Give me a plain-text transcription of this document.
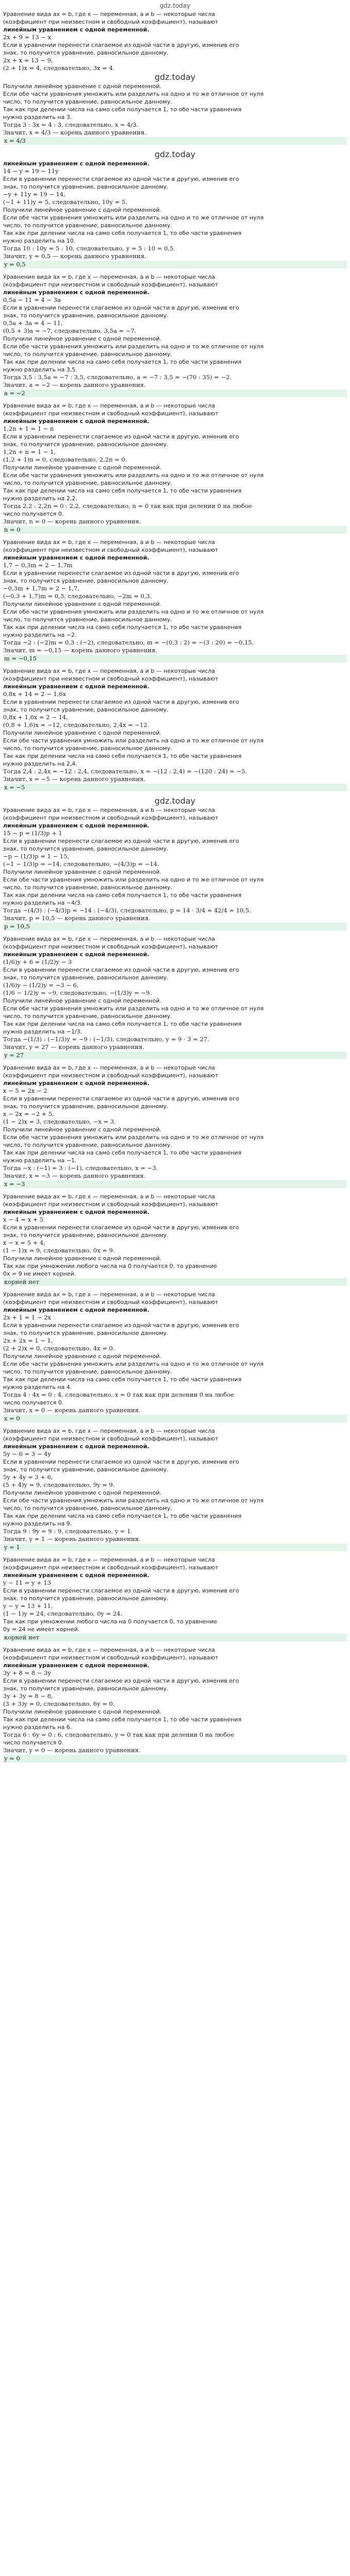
gdz.today
Уравнение вида ax = b, где x — переменная, a и b — некоторые числа
(коэффициент при неизвестном и свободный коэффициент), называют
линейным уравнением с одной переменной.
2x + 9 = 13 − x
Если в уравнении перенести слагаемое из одной части в другую, изменив его
знак, то получится уравнение, равносильное данному.
2x + x = 13 − 9,
(2 + 1)x = 4, следовательно, 3x = 4.
gdz.today
Получили линейное уравнение с одной переменной.
Если обе части уравнения умножить или разделить на одно и то же отличное от нуля
число, то получится уравнение, равносильное данному.
Так как при делении числа на само себя получается 1, то обе части уравнения
нужно разделить на 3.
Тогда 3 : 3x = 4 : 3, следовательно, x = 4/3.
Значит, x = 4/3 — корень данного уравнения.
x = 4/3
gdz.today
линейным уравнением с одной переменной.
14 − y = 19 − 11y
Если в уравнении перенести слагаемое из одной части в другую, изменив его
знак, то получится уравнение, равносильное данному.
−y + 11y = 19 − 14,
(−1 + 11)y = 5, следовательно, 10y = 5.
Получили линейное уравнение с одной переменной.
Если обе части уравнения умножить или разделить на одно и то же отличное от нуля
число, то получится уравнение, равносильное данному.
Так как при делении числа на само себя получается 1, то обе части уравнения
нужно разделить на 10.
Тогда 10 : 10y = 5 : 10, следовательно, y = 5 : 10 = 0,5.
Значит, y = 0,5 — корень данного уравнения.
y = 0,5
Уравнение вида ax = b, где x — переменная, a и b — некоторые числа
(коэффициент при неизвестном и свободный коэффициент), называют
линейным уравнением с одной переменной.
0,5a − 11 = 4 − 3a
Если в уравнении перенести слагаемое из одной части в другую, изменив его
знак, то получится уравнение, равносильное данному.
0,5a + 3a = 4 − 11,
(0,5 + 3)a = −7, следовательно, 3,5a = −7.
Получили линейное уравнение с одной переменной.
Если обе части уравнения умножить или разделить на одно и то же отличное от нуля
число, то получится уравнение, равносильное данному.
Так как при делении числа на само себя получается 1, то обе части уравнения
нужно разделить на 3,5.
Тогда 3,5 : 3,5a = −7 : 3,5, следовательно, a = −7 : 3,5 = −(70 : 35) = −2.
Значит, a = −2 — корень данного уравнения.
a = −2
Уравнение вида ax = b, где x — переменная, a и b — некоторые числа
(коэффициент при неизвестном и свободный коэффициент), называют
линейным уравнением с одной переменной.
1,2n + 1 = 1 − n
Если в уравнении перенести слагаемое из одной части в другую, изменив его
знак, то получится уравнение, равносильное данному.
1,2n + n = 1 − 1,
(1,2 + 1)n = 0, следовательно, 2,2n = 0.
Получили линейное уравнение с одной переменной.
Если обе части уравнения умножить или разделить на одно и то же отличное от нуля
число, то получится уравнение, равносильное данному.
Так как при делении числа на само себя получается 1, то обе части уравнения
нужно разделить на 2,2.
Тогда 2,2 : 2,2n = 0 : 2,2, следовательно, n = 0 так как при делении 0 на любое
число получается 0.
Значит, n = 0 — корень данного уравнения.
n = 0
Уравнение вида ax = b, где x — переменная, a и b — некоторые числа
(коэффициент при неизвестном и свободный коэффициент), называют
линейным уравнением с одной переменной.
1,7 − 0,3m = 2 − 1,7m
Если в уравнении перенести слагаемое из одной части в другую, изменив его
знак, то получится уравнение, равносильное данному.
−0,3m + 1,7m = 2 − 1,7,
(−0,3 + 1,7)m = 0,3, следовательно, −2m = 0,3.
Получили линейное уравнение с одной переменной.
Если обе части уравнения умножить или разделить на одно и то же отличное от нуля
число, то получится уравнение, равносильное данному.
Так как при делении числа на само себя получается 1, то обе части уравнения
нужно разделить на −2.
Тогда −2 : (−2)m = 0,3 : (−2), следовательно, m = −(0,3 : 2) = −(3 : 20) = −0,15.
Значит, m = −0,15 — корень данного уравнения.
m = −0,15
Уравнение вида ax = b, где x — переменная, a и b — некоторые числа
(коэффициент при неизвестном и свободный коэффициент), называют
линейным уравнением с одной переменной.
0,8x + 14 = 2 − 1,6x
Если в уравнении перенести слагаемое из одной части в другую, изменив его
знак, то получится уравнение, равносильное данному.
0,8x + 1,6x = 2 − 14,
(0,8 + 1,6)x = −12, следовательно, 2,4x = −12.
Получили линейное уравнение с одной переменной.
Если обе части уравнения умножить или разделить на одно и то же отличное от нуля
число, то получится уравнение, равносильное данному.
Так как при делении числа на само себя получается 1, то обе части уравнения
нужно разделить на 2,4.
Тогда 2,4 : 2,4x = −12 : 2,4, следовательно, x = −(12 : 2,4) = −(120 : 24) = −5.
Значит, x = −5 — корень данного уравнения.
x = −5
gdz.today
Уравнение вида ax = b, где x — переменная, a и b — некоторые числа
(коэффициент при неизвестном и свободный коэффициент), называют
линейным уравнением с одной переменной.
15 − p = (1/3)p + 1
Если в уравнении перенести слагаемое из одной части в другую, изменив его
знак, то получится уравнение, равносильное данному.
−p − (1/3)p = 1 − 15,
(−1 − 1/3)p = −14, следовательно, −(4/3)p = −14.
Получили линейное уравнение с одной переменной.
Если обе части уравнения умножить или разделить на одно и то же отличное от нуля
число, то получится уравнение, равносильное данному.
Так как при делении числа на само себя получается 1, то обе части уравнения
нужно разделить на −4/3.
Тогда −(4/3) : (−4/3)p = −14 : (−4/3), следовательно, p = 14 · 3/4 = 42/4 = 10,5.
Значит, p = 10,5 — корень данного уравнения.
p = 10,5
Уравнение вида ax = b, где x — переменная, a и b — некоторые числа
(коэффициент при неизвестном и свободный коэффициент), называют
линейным уравнением с одной переменной.
(1/6)y + 6 = (1/2)y − 3
Если в уравнении перенести слагаемое из одной части в другую, изменив его
знак, то получится уравнение, равносильное данному.
(1/6)y − (1/2)y = −3 − 6,
(1/6 − 1/2)y = −9, следовательно, −(1/3)y = −9.
Получили линейное уравнение с одной переменной.
Если обе части уравнения умножить или разделить на одно и то же отличное от нуля
число, то получится уравнение, равносильное данному.
Так как при делении числа на само себя получается 1, то обе части уравнения
нужно разделить на −1/3.
Тогда −(1/3) : (−1/3)y = −9 : (−1/3), следовательно, y = 9 · 3 = 27.
Значит, y = 27 — корень данного уравнения.
y = 27
Уравнение вида ax = b, где x — переменная, a и b — некоторые числа
(коэффициент при неизвестном и свободный коэффициент), называют
линейным уравнением с одной переменной.
x − 5 = 2x − 2
Если в уравнении перенести слагаемое из одной части в другую, изменив его
знак, то получится уравнение, равносильное данному.
x − 2x = −2 + 5,
(1 − 2)x = 3, следовательно, −x = 3.
Получили линейное уравнение с одной переменной.
Если обе части уравнения умножить или разделить на одно и то же отличное от нуля
число, то получится уравнение, равносильное данному.
Так как при делении числа на само себя получается 1, то обе части уравнения
нужно разделить на −1.
Тогда −x : (−1) = 3 : (−1), следовательно, x = −3.
Значит, x = −3 — корень данного уравнения.
x = −3
Уравнение вида ax = b, где x — переменная, a и b — некоторые числа
(коэффициент при неизвестном и свободный коэффициент), называют
линейным уравнением с одной переменной.
x − 4 = x + 5
Если в уравнении перенести слагаемое из одной части в другую, изменив его
знак, то получится уравнение, равносильное данному.
x − x = 5 + 4,
(1 − 1)x = 9, следовательно, 0x = 9.
Получили линейное уравнение с одной переменной.
Так как при умножении любого числа на 0 получается 0, то уравнение
0x = 9 не имеет корней.
корней нет
Уравнение вида ax = b, где x — переменная, a и b — некоторые числа
(коэффициент при неизвестном и свободный коэффициент), называют
линейным уравнением с одной переменной.
2x + 1 = 1 − 2x
Если в уравнении перенести слагаемое из одной части в другую, изменив его
знак, то получится уравнение, равносильное данному.
2x + 2x = 1 − 1,
(2 + 2)x = 0, следовательно, 4x = 0.
Получили линейное уравнение с одной переменной.
Если обе части уравнения умножить или разделить на одно и то же отличное от нуля
число, то получится уравнение, равносильное данному.
Так как при делении числа на само себя получается 1, то обе части уравнения
нужно разделить на 4.
Тогда 4 : 4x = 0 : 4, следовательно, x = 0 так как при делении 0 на любое
число получается 0.
Значит, x = 0 — корень данного уравнения.
x = 0
Уравнение вида ax = b, где x — переменная, a и b — некоторые числа
(коэффициент при неизвестном и свободный коэффициент), называют
линейным уравнением с одной переменной.
5y − 6 = 3 − 4y
Если в уравнении перенести слагаемое из одной части в другую, изменив его
знак, то получится уравнение, равносильное данному.
5y + 4y = 3 + 6,
(5 + 4)y = 9, следовательно, 9y = 9.
Получили линейное уравнение с одной переменной.
Если обе части уравнения умножить или разделить на одно и то же отличное от нуля
число, то получится уравнение, равносильное данному.
Так как при делении числа на само себя получается 1, то обе части уравнения
нужно разделить на 9.
Тогда 9 : 9y = 9 : 9, следовательно, y = 1.
Значит, y = 1 — корень данного уравнения.
y = 1
Уравнение вида ax = b, где x — переменная, a и b — некоторые числа
(коэффициент при неизвестном и свободный коэффициент), называют
линейным уравнением с одной переменной.
y − 11 = y + 13
Если в уравнении перенести слагаемое из одной части в другую, изменив его
знак, то получится уравнение, равносильное данному.
y − y = 13 + 11,
(1 − 1)y = 24, следовательно, 0y = 24.
Так как при умножении любого числа на 0 получается 0, то уравнение
0y = 24 не имеет корней.
корней нет
Уравнение вида ax = b, где x — переменная, a и b — некоторые числа
(коэффициент при неизвестном и свободный коэффициент), называют
линейным уравнением с одной переменной.
3y + 8 = 8 − 3y
Если в уравнении перенести слагаемое из одной части в другую, изменив его
знак, то получится уравнение, равносильное данному.
3y + 3y = 8 − 8,
(3 + 3)y = 0, следовательно, 6y = 0.
Получили линейное уравнение с одной переменной.
Так как при делении числа на само себя получается 1, то обе части уравнения
нужно разделить на 6.
Тогда 6 : 6y = 0 : 6, следовательно, y = 0 так как при делении 0 на любое
число получается 0.
Значит, y = 0 — корень данного уравнения.
y = 0
